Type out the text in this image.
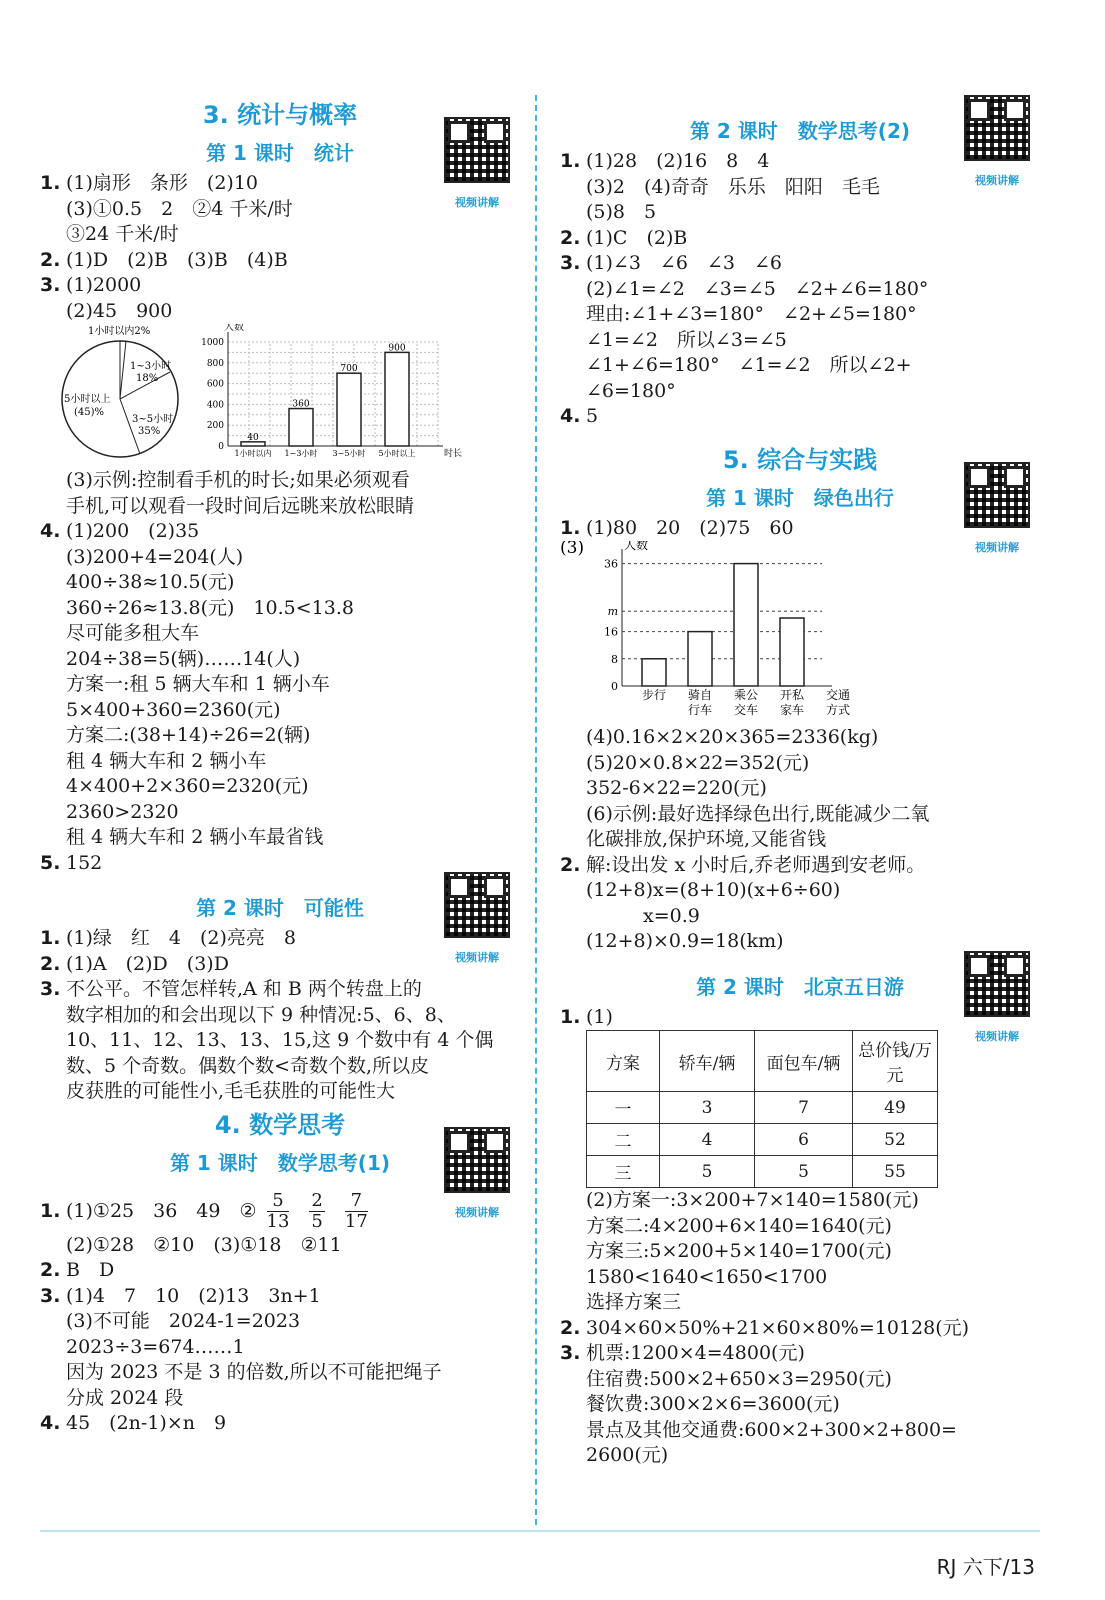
3. 统计与概率
第 1 课时　统计
视频讲解
1. (1)扇形　条形　(2)10
(3)①0.5　2　②4 千米/时
③24 千米/时
2. (1)D　(2)B　(3)B　(4)B
3. (1)2000
(2)45　900
1小时以内2%
1~3小时
18%
5小时以上
(45)%
3~5小时
35%
人数
1000
800
600
400
200
0
40
1小时以内
360
1~3小时
700
3~5小时
900
5小时以上	时长
(3)示例:控制看手机的时长;如果必须观看
手机,可以观看一段时间后远眺来放松眼睛
4. (1)200　(2)35
(3)200+4=204(人)
400÷38≈10.5(元)
360÷26≈13.8(元)　10.5<13.8
尽可能多租大车
204÷38=5(辆)……14(人)
方案一:租 5 辆大车和 1 辆小车
5×400+360=2360(元)
方案二:(38+14)÷26=2(辆)
租 4 辆大车和 2 辆小车
4×400+2×360=2320(元)
2360>2320
租 4 辆大车和 2 辆小车最省钱
5. 152
第 2 课时　可能性
视频讲解
1. (1)绿　红　4　(2)亮亮　8
2. (1)A　(2)D　(3)D
3. 不公平。不管怎样转,A 和 B 两个转盘上的
数字相加的和会出现以下 9 种情况:5、6、8、
10、11、12、13、13、15,这 9 个数中有 4 个偶
数、5 个奇数。偶数个数<奇数个数,所以皮
皮获胜的可能性小,毛毛获胜的可能性大
4. 数学思考
第 1 课时　数学思考(1)
视频讲解
1. (1)①25　36　49　② $\frac{5}{13} \frac{2}{5} \frac{7}{17}$
(2)①28　②10　(3)①18　②11
2. B　D
3. (1)4　7　10　(2)13　3n+1
(3)不可能　2024-1=2023
2023÷3=674……1
因为 2023 不是 3 的倍数,所以不可能把绳子
分成 2024 段
4. 45　(2n-1)×n　9
第 2 课时　数学思考(2)
视频讲解
1. (1)28　(2)16　8　4
(3)2　(4)奇奇　乐乐　阳阳　毛毛
(5)8　5
2. (1)C　(2)B
3. (1)∠3　∠6　∠3　∠6
(2)∠1=∠2　∠3=∠5　∠2+∠6=180°
理由:∠1+∠3=180°　∠2+∠5=180°
∠1=∠2　所以∠3=∠5
∠1+∠6=180°　∠1=∠2　所以∠2+
∠6=180°
4. 5
5. 综合与实践
第 1 课时　绿色出行
视频讲解
1. (1)80　20　(2)75　60
(3)	人数
36
m
16
8
0
步行 骑自
行车
乘公
交车
开私
家车
交通
方式
(4)0.16×2×20×365=2336(kg)
(5)20×0.8×22=352(元)
352-6×22=220(元)
(6)示例:最好选择绿色出行,既能减少二氧
化碳排放,保护环境,又能省钱
2. 解:设出发 x 小时后,乔老师遇到安老师。
(12+8)x=(8+10)(x+6÷60)
　　　x=0.9
(12+8)×0.9=18(km)
第 2 课时　北京五日游
视频讲解
1. (1)
方案	轿车/辆	面包车/辆	总价钱/万元
一	3	7	49
二	4	6	52
三	5	5	55
(2)方案一:3×200+7×140=1580(元)
方案二:4×200+6×140=1640(元)
方案三:5×200+5×140=1700(元)
1580<1640<1650<1700
选择方案三
2. 304×60×50%+21×60×80%=10128(元)
3. 机票:1200×4=4800(元)
住宿费:500×2+650×3=2950(元)
餐饮费:300×2×6=3600(元)
景点及其他交通费:600×2+300×2+800=
2600(元)
RJ 六下/13
